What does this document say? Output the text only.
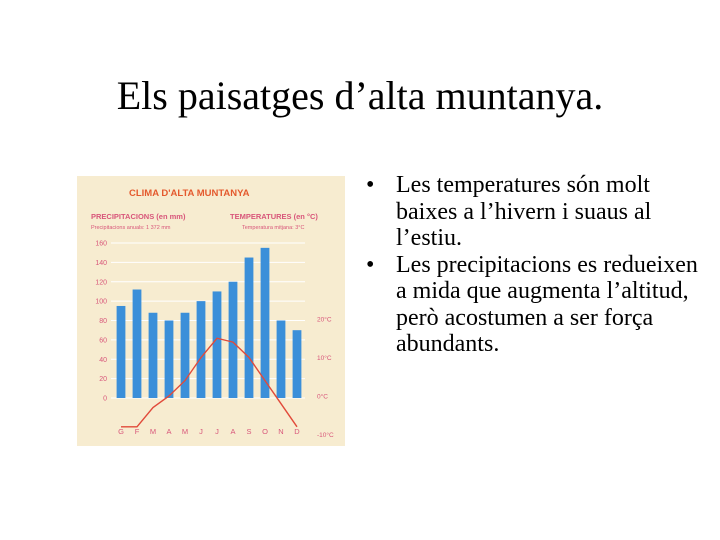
Els paisatges d’alta muntanya.
CLIMA D'ALTA MUNTANYA
PRECIPITACIONS (en mm)
Precipitacions anuals: 1 372 mm
TEMPERATURES (en °C)
Temperatura mitjana: 3°C
0
20
40
60
80
100
120
140
160
-10°C
0°C
10°C
20°C
G F M A M J J A S O N D
• Les temperatures són molt baixes a l’hivern i suaus al l’estiu.
• Les precipitacions es redueixen a mida que augmenta l’altitud, però acostumen a ser força abundants.
